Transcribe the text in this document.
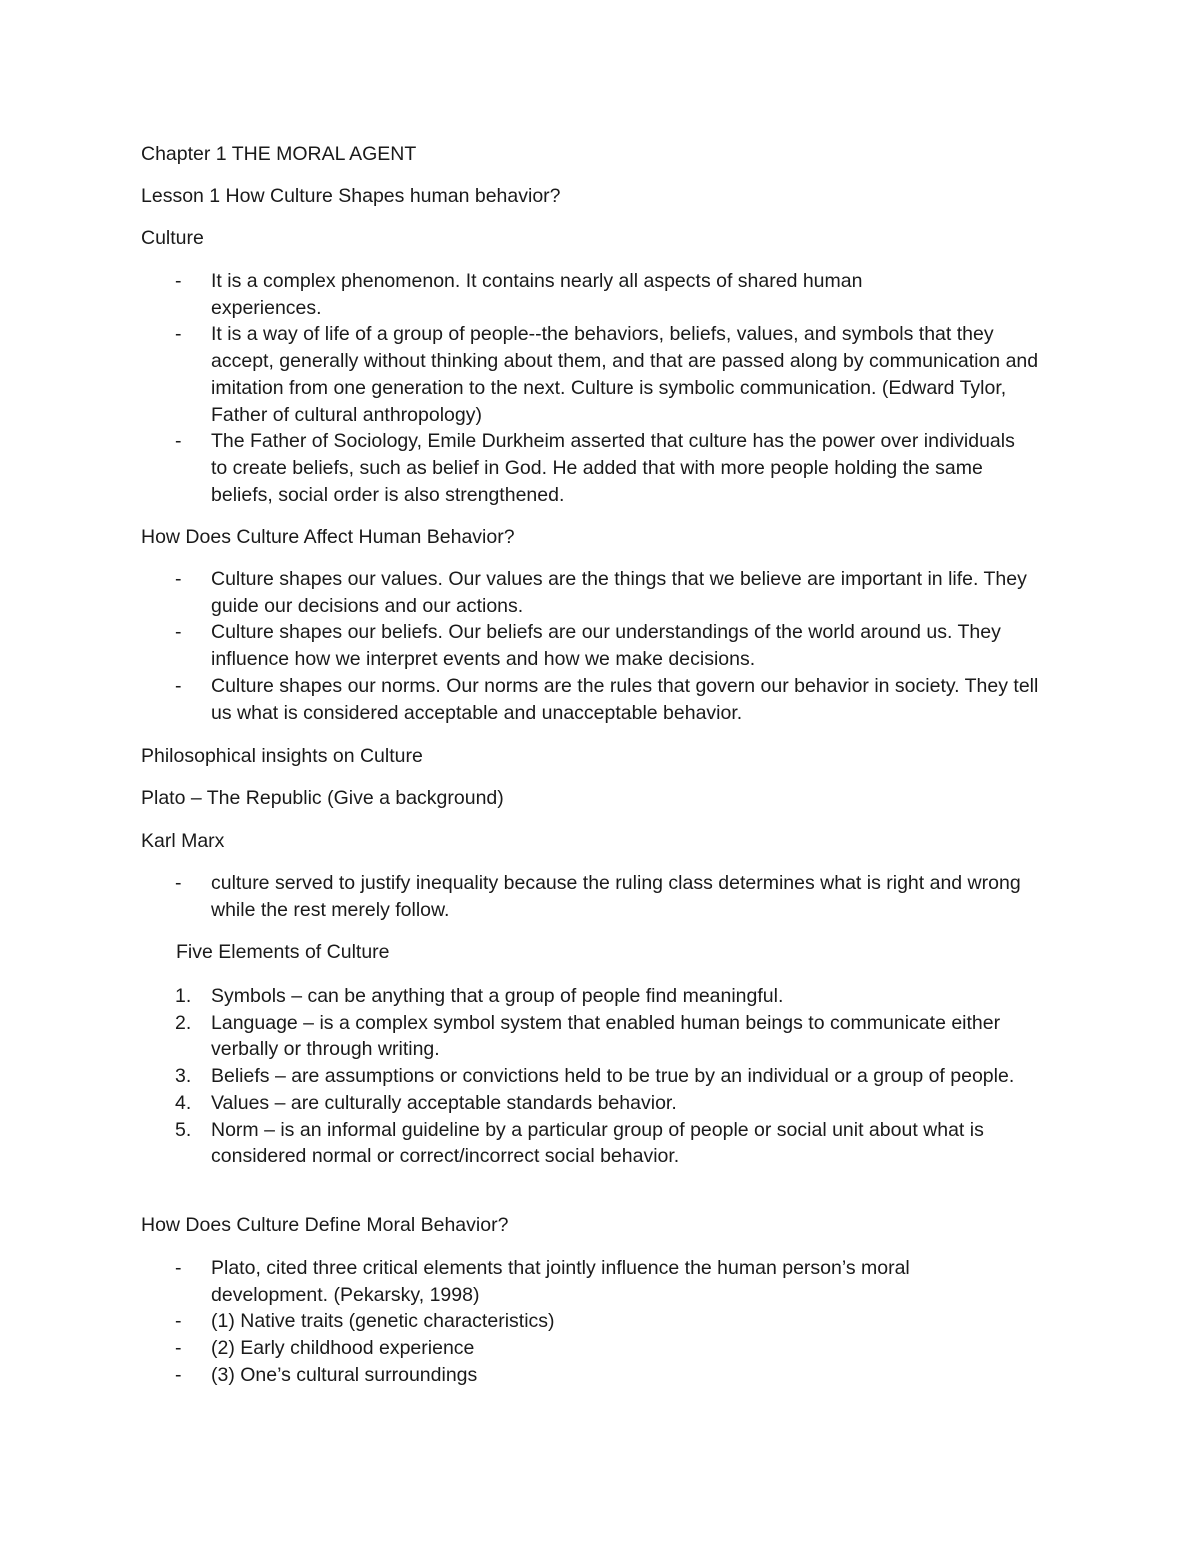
Chapter 1 THE MORAL AGENT

Lesson 1 How Culture Shapes human behavior?

Culture

- It is a complex phenomenon. It contains nearly all aspects of shared human experiences.
- It is a way of life of a group of people--the behaviors, beliefs, values, and symbols that they accept, generally without thinking about them, and that are passed along by communication and imitation from one generation to the next. Culture is symbolic communication. (Edward Tylor, Father of cultural anthropology)
- The Father of Sociology, Emile Durkheim asserted that culture has the power over individuals to create beliefs, such as belief in God. He added that with more people holding the same beliefs, social order is also strengthened.

How Does Culture Affect Human Behavior?

- Culture shapes our values. Our values are the things that we believe are important in life. They guide our decisions and our actions.
- Culture shapes our beliefs. Our beliefs are our understandings of the world around us. They influence how we interpret events and how we make decisions.
- Culture shapes our norms. Our norms are the rules that govern our behavior in society. They tell us what is considered acceptable and unacceptable behavior.

Philosophical insights on Culture

Plato – The Republic (Give a background)

Karl Marx

- culture served to justify inequality because the ruling class determines what is right and wrong while the rest merely follow.

Five Elements of Culture

1. Symbols – can be anything that a group of people find meaningful.
2. Language – is a complex symbol system that enabled human beings to communicate either verbally or through writing.
3. Beliefs – are assumptions or convictions held to be true by an individual or a group of people.
4. Values – are culturally acceptable standards behavior.
5. Norm – is an informal guideline by a particular group of people or social unit about what is considered normal or correct/incorrect social behavior.

How Does Culture Define Moral Behavior?

- Plato, cited three critical elements that jointly influence the human person’s moral development. (Pekarsky, 1998)
- (1) Native traits (genetic characteristics)
- (2) Early childhood experience
- (3) One’s cultural surroundings
